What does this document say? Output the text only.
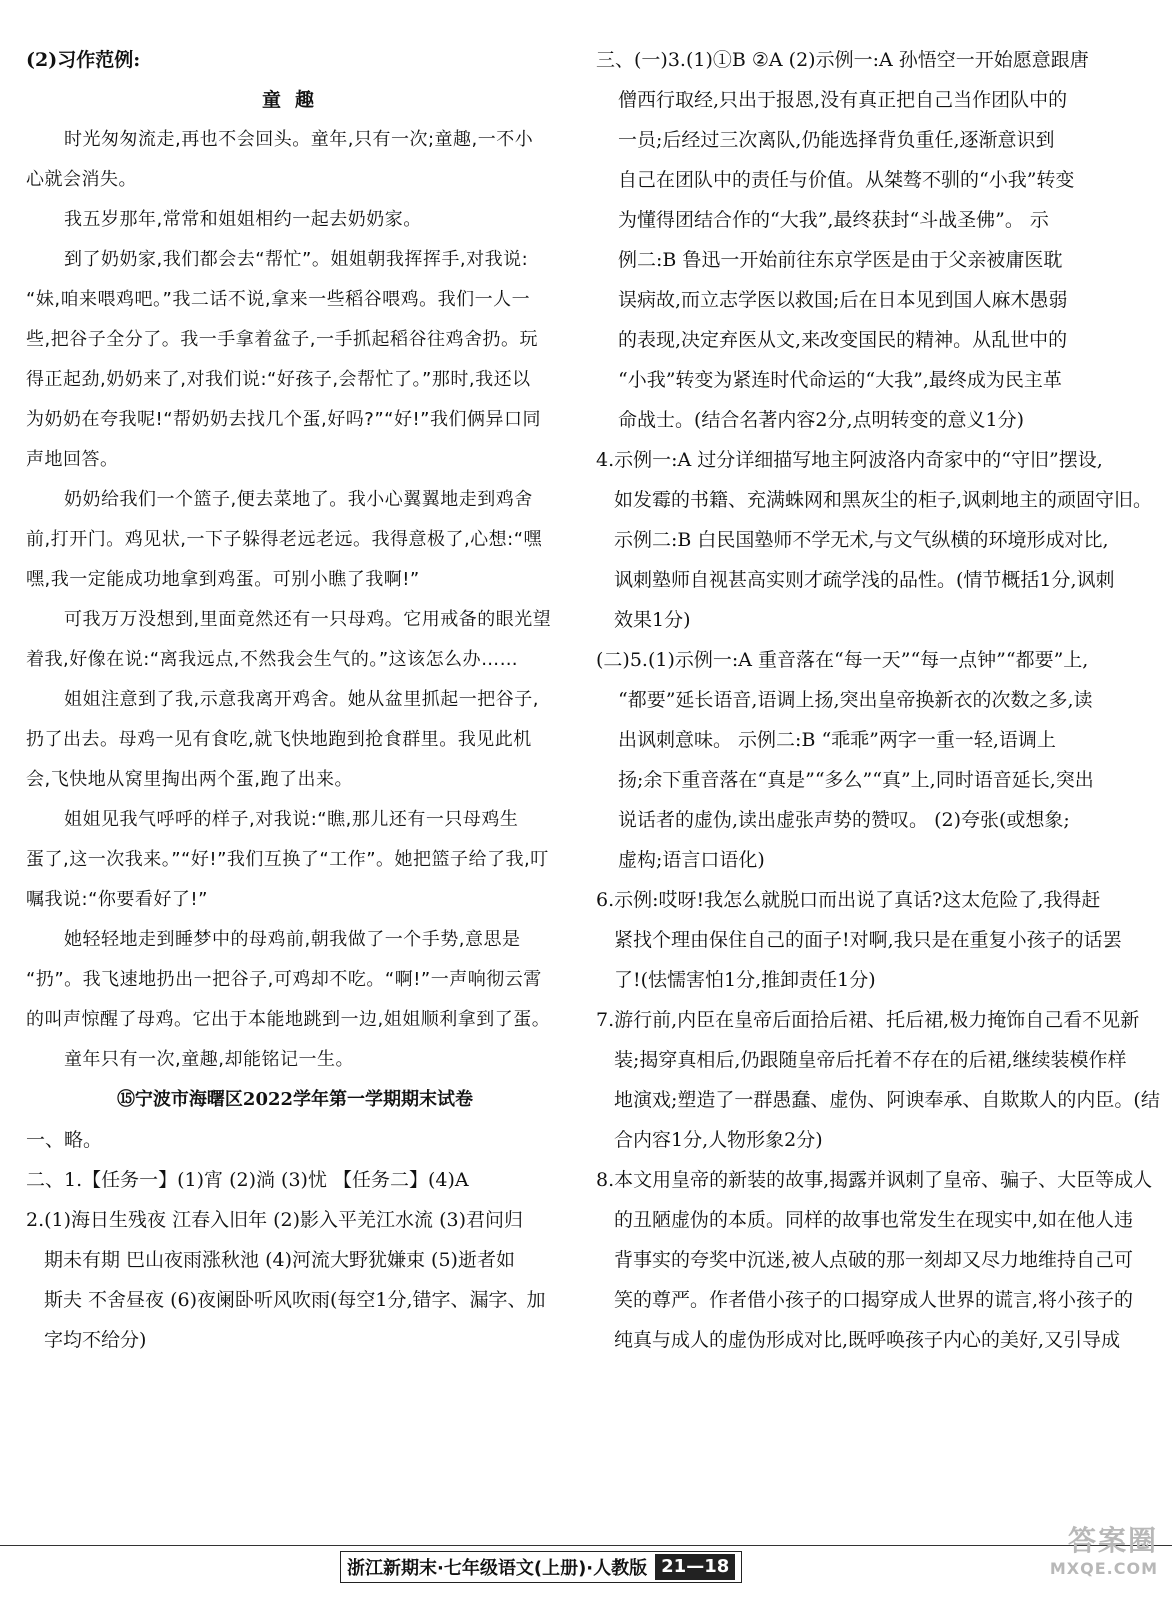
(2)习作范例:
童趣
时光匆匆流走,再也不会回头。童年,只有一次;童趣,一不小
心就会消失。
我五岁那年,常常和姐姐相约一起去奶奶家。
到了奶奶家,我们都会去“帮忙”。姐姐朝我挥挥手,对我说:
“妹,咱来喂鸡吧。”我二话不说,拿来一些稻谷喂鸡。我们一人一
些,把谷子全分了。我一手拿着盆子,一手抓起稻谷往鸡舍扔。玩
得正起劲,奶奶来了,对我们说:“好孩子,会帮忙了。”那时,我还以
为奶奶在夸我呢!“帮奶奶去找几个蛋,好吗?”“好!”我们俩异口同
声地回答。
奶奶给我们一个篮子,便去菜地了。我小心翼翼地走到鸡舍
前,打开门。鸡见状,一下子躲得老远老远。我得意极了,心想:“嘿
嘿,我一定能成功地拿到鸡蛋。可别小瞧了我啊!”
可我万万没想到,里面竟然还有一只母鸡。它用戒备的眼光望
着我,好像在说:“离我远点,不然我会生气的。”这该怎么办……
姐姐注意到了我,示意我离开鸡舍。她从盆里抓起一把谷子,
扔了出去。母鸡一见有食吃,就飞快地跑到抢食群里。我见此机
会,飞快地从窝里掏出两个蛋,跑了出来。
姐姐见我气呼呼的样子,对我说:“瞧,那儿还有一只母鸡生
蛋了,这一次我来。”“好!”我们互换了“工作”。她把篮子给了我,叮
嘱我说:“你要看好了!”
她轻轻地走到睡梦中的母鸡前,朝我做了一个手势,意思是
“扔”。我飞速地扔出一把谷子,可鸡却不吃。“啊!”一声响彻云霄
的叫声惊醒了母鸡。它出于本能地跳到一边,姐姐顺利拿到了蛋。
童年只有一次,童趣,却能铭记一生。
⑮宁波市海曙区2022学年第一学期期末试卷
一、略。
二、1.【任务一】(1)宵 (2)淌 (3)忧 【任务二】(4)A
2.(1)海日生残夜 江春入旧年 (2)影入平羌江水流 (3)君问归
期未有期 巴山夜雨涨秋池 (4)河流大野犹嫌束 (5)逝者如
斯夫 不舍昼夜 (6)夜阑卧听风吹雨(每空1分,错字、漏字、加
字均不给分)
三、(一)3.(1)①B ②A (2)示例一:A 孙悟空一开始愿意跟唐
僧西行取经,只出于报恩,没有真正把自己当作团队中的
一员;后经过三次离队,仍能选择背负重任,逐渐意识到
自己在团队中的责任与价值。从桀骜不驯的“小我”转变
为懂得团结合作的“大我”,最终获封“斗战圣佛”。 示
例二:B 鲁迅一开始前往东京学医是由于父亲被庸医耽
误病故,而立志学医以救国;后在日本见到国人麻木愚弱
的表现,决定弃医从文,来改变国民的精神。从乱世中的
“小我”转变为紧连时代命运的“大我”,最终成为民主革
命战士。(结合名著内容2分,点明转变的意义1分)
4.示例一:A 过分详细描写地主阿波洛内奇家中的“守旧”摆设,
如发霉的书籍、充满蛛网和黑灰尘的柜子,讽刺地主的顽固守旧。
示例二:B 白民国塾师不学无术,与文气纵横的环境形成对比,
讽刺塾师自视甚高实则才疏学浅的品性。(情节概括1分,讽刺
效果1分)
(二)5.(1)示例一:A 重音落在“每一天”“每一点钟”“都要”上,
“都要”延长语音,语调上扬,突出皇帝换新衣的次数之多,读
出讽刺意味。 示例二:B “乖乖”两字一重一轻,语调上
扬;余下重音落在“真是”“多么”“真”上,同时语音延长,突出
说话者的虚伪,读出虚张声势的赞叹。 (2)夸张(或想象;
虚构;语言口语化)
6.示例:哎呀!我怎么就脱口而出说了真话?这太危险了,我得赶
紧找个理由保住自己的面子!对啊,我只是在重复小孩子的话罢
了!(怯懦害怕1分,推卸责任1分)
7.游行前,内臣在皇帝后面拾后裙、托后裙,极力掩饰自己看不见新
装;揭穿真相后,仍跟随皇帝后托着不存在的后裙,继续装模作样
地演戏;塑造了一群愚蠢、虚伪、阿谀奉承、自欺欺人的内臣。(结
合内容1分,人物形象2分)
8.本文用皇帝的新装的故事,揭露并讽刺了皇帝、骗子、大臣等成人
的丑陋虚伪的本质。同样的故事也常发生在现实中,如在他人违
背事实的夸奖中沉迷,被人点破的那一刻却又尽力地维持自己可
笑的尊严。作者借小孩子的口揭穿成人世界的谎言,将小孩子的
纯真与成人的虚伪形成对比,既呼唤孩子内心的美好,又引导成
浙江新期末·七年级语文(上册)·人教版 21—18
答案圈
MXQE.COM
